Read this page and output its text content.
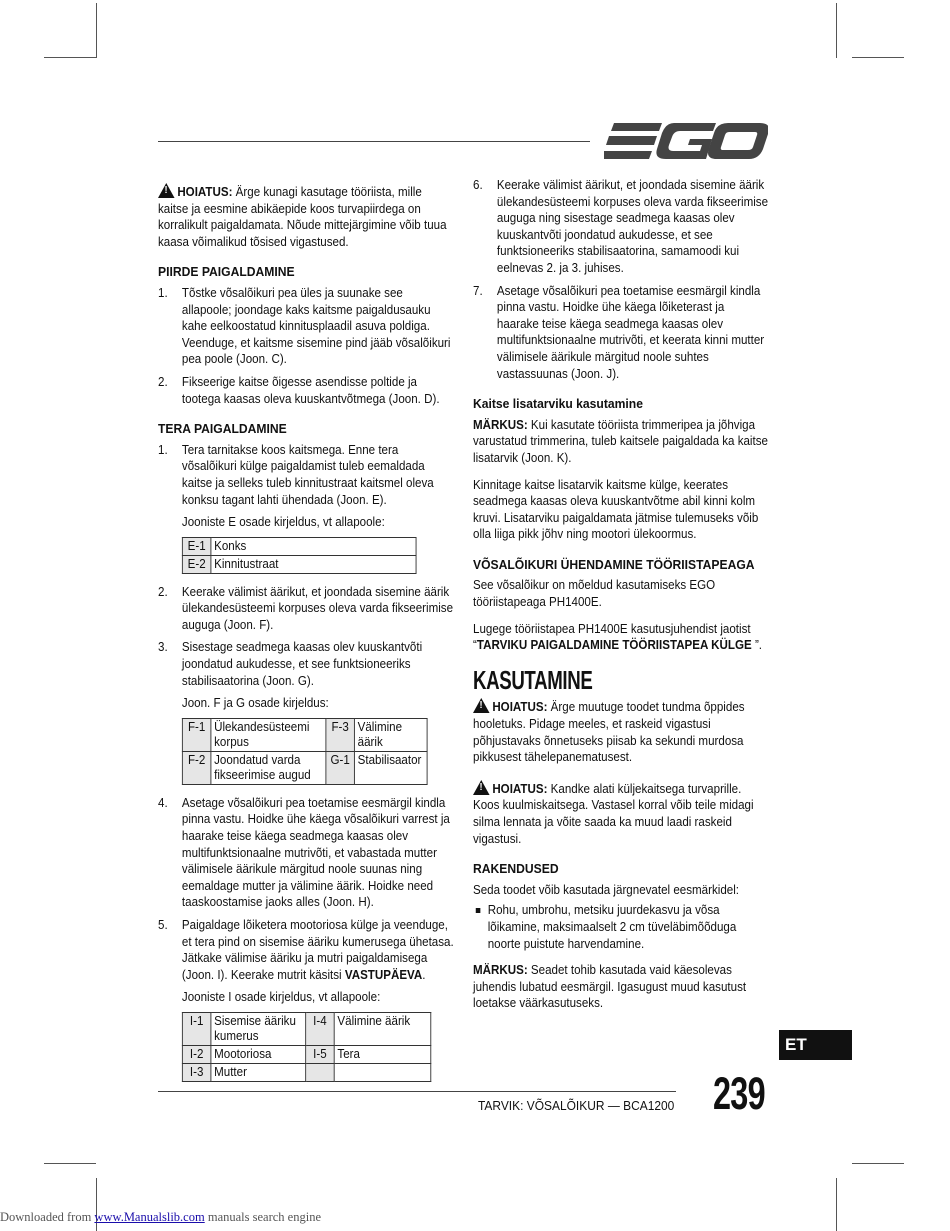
!HOIATUS: Ärge kunagi kasutage tööriista, mille kaitse ja eesmine abikäepide koos turvapiirdega on korralikult paigaldamata. Nõude mittejärgimine võib tuua kaasa võimalikud tõsised vigastused.

PIIRDE PAIGALDAMINE
1. Tõstke võsalõikuri pea üles ja suunake see allapoole; joondage kaks kaitsme paigaldusauku kahe eelkoostatud kinnitusplaadil asuva poldiga. Veenduge, et kaitsme sisemine pind jääb võsalõikuri pea poole (Joon. C).
2. Fikseerige kaitse õigesse asendisse poltide ja tootega kaasas oleva kuuskantvõtmega (Joon. D).
TERA PAIGALDAMINE
1. Tera tarnitakse koos kaitsmega. Enne tera võsalõikuri külge paigaldamist tuleb eemaldada kaitse ja selleks tuleb kinnitustraat kaitsmel oleva konksu tagant lahti ühendada (Joon. E).
Jooniste E osade kirjeldus, vt allapoole:
E-1	Konks
E-2	Kinnitustraat
2. Keerake välimist äärikut, et joondada sisemine äärik ülekandesüsteemi korpuses oleva varda fikseerimise auguga (Joon. F).
3. Sisestage seadmega kaasas olev kuuskantvõti joondatud aukudesse, et see funktsioneeriks stabilisaatorina (Joon. G).
Joon. F ja G osade kirjeldus:
F-1	Ülekandesüsteemi korpus	F-3	Välimine äärik
F-2	Joondatud varda fikseerimise augud	G-1	Stabilisaator
4. Asetage võsalõikuri pea toetamise eesmärgil kindla pinna vastu. Hoidke ühe käega võsalõikuri varrest ja haarake teise käega seadmega kaasas olev multifunktsionaalne mutrivõti, et vabastada mutter välimisele äärikule märgitud noole suunas ning eemaldage mutter ja välimine äärik. Hoidke need taaskoostamise jaoks alles (Joon. H).
5. Paigaldage lõiketera mootoriosa külge ja veenduge, et tera pind on sisemise ääriku kumerusega ühetasa. Jätkake välimise ääriku ja mutri paigaldamisega (Joon. I). Keerake mutrit käsitsi VASTUPÄEVA.
Jooniste I osade kirjeldus, vt allapoole:
I-1	Sisemise ääriku kumerus	I-4	Välimine äärik
I-2	Mootoriosa	I-5	Tera
I-3	Mutter		
6. Keerake välimist äärikut, et joondada sisemine äärik ülekandesüsteemi korpuses oleva varda fikseerimise auguga ning sisestage seadmega kaasas olev kuuskantvõti joondatud aukudesse, et see funktsioneeriks stabilisaatorina, samamoodi kui eelnevas 2. ja 3. juhises.
7. Asetage võsalõikuri pea toetamise eesmärgil kindla pinna vastu. Hoidke ühe käega lõiketerast ja haarake teise käega seadmega kaasas olev multifunktsionaalne mutrivõti, et keerata kinni mutter välimisele äärikule märgitud noole suhtes vastassuunas (Joon. J).
Kaitse lisatarviku kasutamine

MÄRKUS: Kui kasutate tööriista trimmeripea ja jõhviga varustatud trimmerina, tuleb kaitsele paigaldada ka kaitse lisatarvik (Joon. K).

Kinnitage kaitse lisatarvik kaitsme külge, keerates seadmega kaasas oleva kuuskantvõtme abil kinni kolm kruvi. Lisatarviku paigaldamata jätmise tulemuseks võib olla liiga pikk jõhv ning mootori ülekoormus.

VÕSALÕIKURI ÜHENDAMINE TÖÖRIISTAPEAGA

See võsalõikur on mõeldud kasutamiseks EGO tööriistapeaga PH1400E.

Lugege tööriistapea PH1400E kasutusjuhendist jaotist “TARVIKU PAIGALDAMINE TÖÖRIISTAPEA KÜLGE ”.

KASUTAMINE

!HOIATUS: Ärge muutuge toodet tundma õppides hooletuks. Pidage meeles, et raskeid vigastusi põhjustavaks õnnetuseks piisab ka sekundi murdosa pikkusest tähelepanematusest.

!HOIATUS: Kandke alati küljekaitsega turvaprille. Koos kuulmiskaitsega. Vastasel korral võib teile midagi silma lennata ja võite saada ka muud laadi raskeid vigastusi.

RAKENDUSED

Seda toodet võib kasutada järgnevatel eesmärkidel:

Rohu, umbrohu, metsiku juurdekasvu ja võsa lõikamine, maksimaalselt 2 cm tüveläbimõõduga noorte puistute harvendamine.

MÄRKUS: Seadet tohib kasutada vaid käesolevas juhendis lubatud eesmärgil. Igasugust muud kasutust loetakse väärkasutuseks.

ET
TARVIK: VÕSALÕIKUR — BCA1200 239
Downloaded from www.Manualslib.com manuals search engine
